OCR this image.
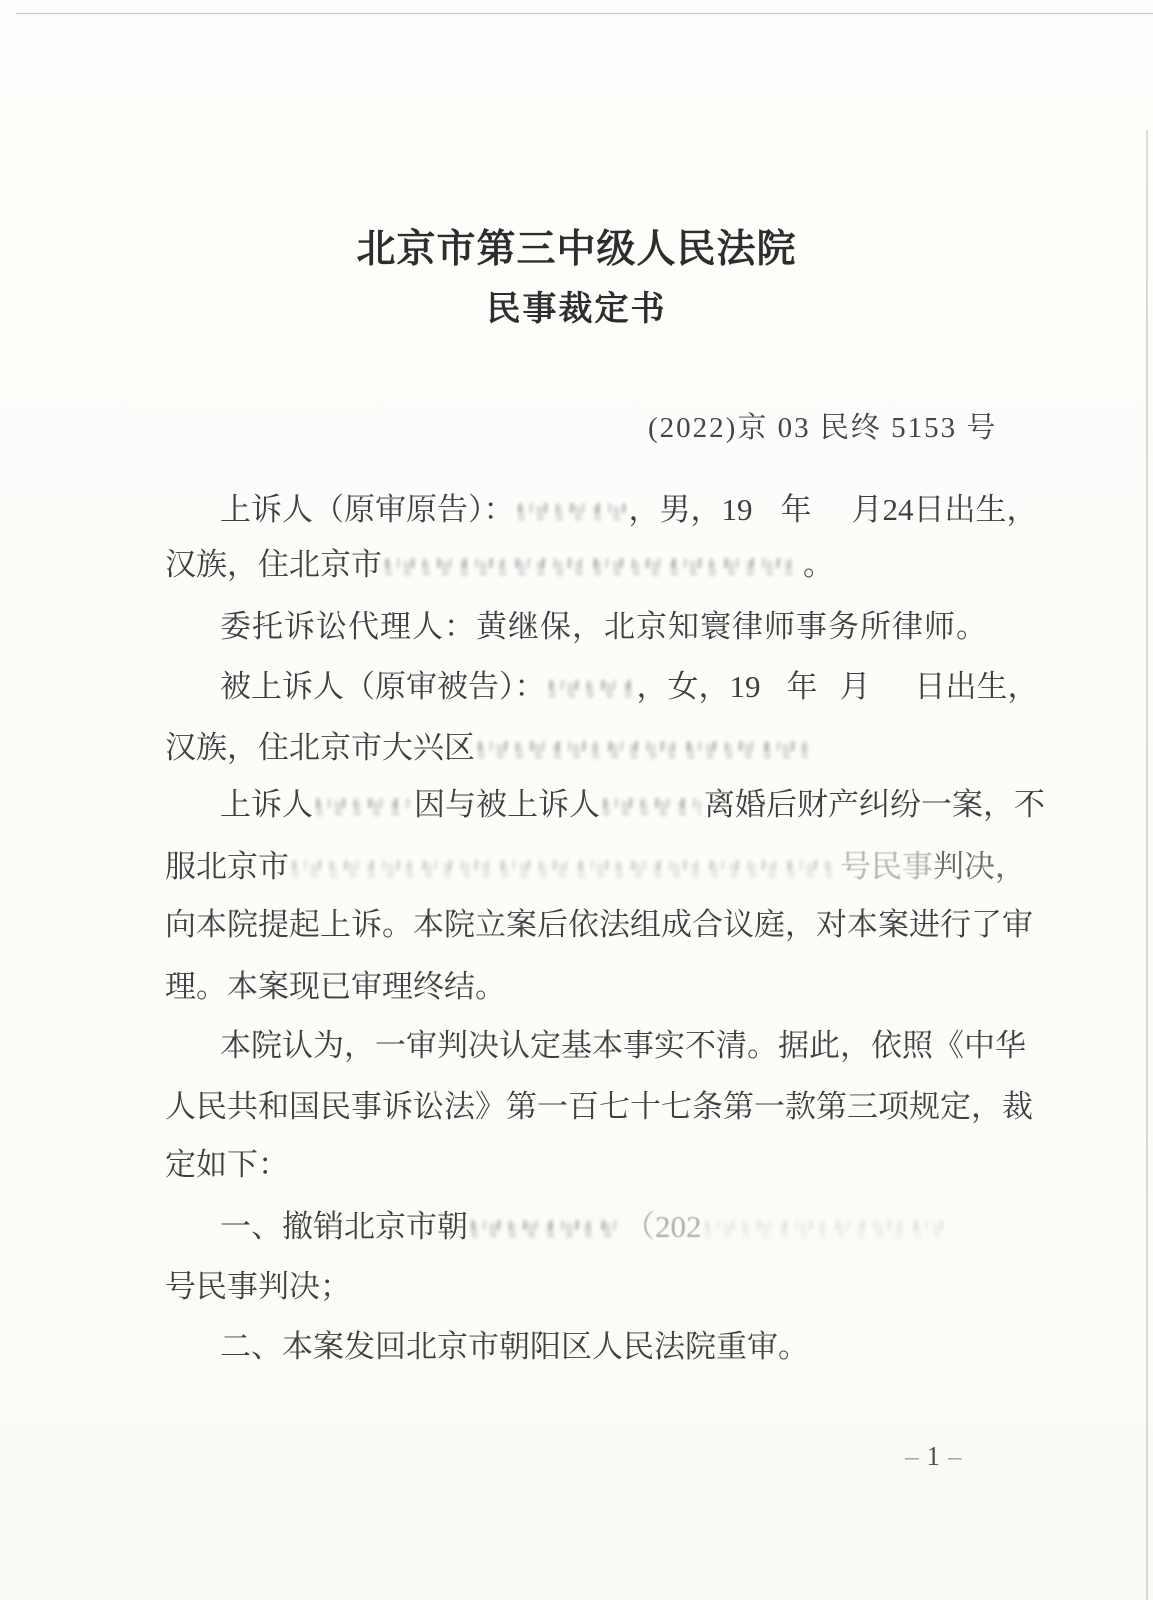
北京市第三中级人民法院
民事裁定书
(2022)京 03 民终 5153 号
上诉人（原审原告）：	，男，19 年 月24日出生，
汉族，住北京市	。
委托诉讼代理人：黄继保，北京知寰律师事务所律师。
被上诉人（原审被告）：	，女，19 年 月 日出生，
汉族，住北京市大兴区
上诉人	因与被上诉人	离婚后财产纠纷一案，不
服北京市	号民事判决，
向本院提起上诉。本院立案后依法组成合议庭，对本案进行了审
理。本案现已审理终结。
本院认为，一审判决认定基本事实不清。据此，依照《中华
人民共和国民事诉讼法》第一百七十七条第一款第三项规定，裁
定如下：
一、撤销北京市朝	（202
号民事判决；
二、本案发回北京市朝阳区人民法院重审。
–1–
